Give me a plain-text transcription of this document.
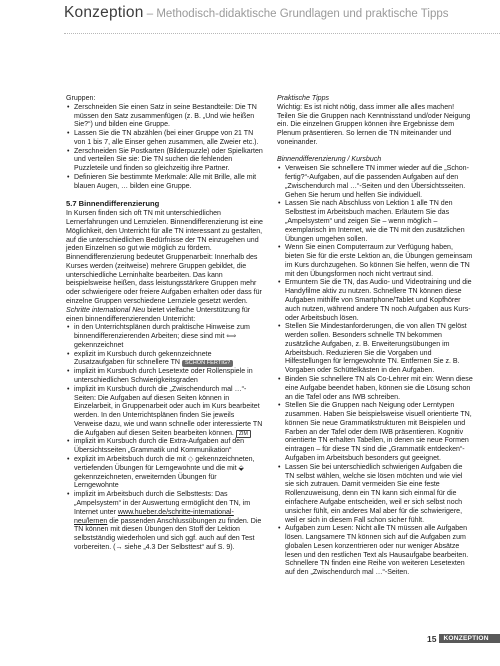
Konzeption – Methodisch-didaktische Grundlagen und praktische Tipps

Gruppen:

• Zerschneiden Sie einen Satz in seine Bestandteile: Die TN müssen den Satz zusammenfügen (z. B. „Und wie heißen Sie?“) und bilden eine Gruppe.
• Lassen Sie die TN abzählen (bei einer Gruppe von 21 TN von 1 bis 7, alle Einser gehen zusammen, alle Zweier etc.).
• Zerschneiden Sie Postkarten (Bilderpuzzle) oder Spielkarten und verteilen Sie sie: Die TN suchen die fehlenden Puzzleteile und finden so gleichzeitig ihre Partner.
• Definieren Sie bestimmte Merkmale: Alle mit Brille, alle mit blauen Augen, … bilden eine Gruppe.

5.7 Binnendifferenzierung

In Kursen finden sich oft TN mit unterschiedlichen Lernerfahrungen und Lernzielen. Binnendifferenzierung ist eine Möglichkeit, den Unterricht für alle TN interessant zu gestalten, auf die unterschiedlichen Bedürfnisse der TN einzugehen und jeden Einzelnen so gut wie möglich zu fördern. Binnendifferenzierung bedeutet Gruppenarbeit: Innerhalb des Kurses werden (zeitweise) mehrere Gruppen gebildet, die unterschiedliche Lerninhalte bearbeiten. Das kann beispielsweise heißen, dass leistungsstärkere Gruppen mehr oder schwierigere oder freiere Aufgaben erhalten oder dass für einzelne Gruppen verschiedene Lernziele gesetzt werden. Schritte international Neu bietet vielfache Unterstützung für einen binnendifferenzierenden Unterricht:

• in den Unterrichtsplänen durch praktische Hinweise zum binnendifferenzierenden Arbeiten; diese sind mit ⟺ gekennzeichnet
• explizit im Kursbuch durch gekennzeichnete Zusatzaufgaben für schnellere TN SCHON FERTIG?
• implizit im Kursbuch durch Lesetexte oder Rollenspiele in unterschiedlichen Schwierigkeitsgraden
• implizit im Kursbuch durch die „Zwischendurch mal …“-Seiten: Die Aufgaben auf diesen Seiten können in Einzelarbeit, in Gruppenarbeit oder auch im Kurs bearbeitet werden. In den Unterrichtsplänen finden Sie jeweils Verweise dazu, wie und wann schnelle oder interessierte TN die Aufgaben auf diesen Seiten bearbeiten können. ZIM
• implizit im Kursbuch durch die Extra-Aufgaben auf den Übersichtsseiten „Grammatik und Kommunikation“
• explizit im Arbeitsbuch durch die mit ◇ gekennzeichneten, vertiefenden Übungen für Lerngewohnte und die mit ⬙ gekennzeichneten, erweiternden Übungen für Lerngewohnte
• implizit im Arbeitsbuch durch die Selbsttests: Das „Ampelsystem“ in der Auswertung ermöglicht den TN, im Internet unter www.hueber.de/schritte-international-neu/lernen die passenden Anschlussübungen zu finden. Die TN können mit diesen Übungen den Stoff der Lektion selbstständig wiederholen und sich ggf. auch auf den Test vorbereiten. (→ siehe „4.3 Der Selbsttest“ auf S. 9).

Praktische Tipps

Wichtig: Es ist nicht nötig, dass immer alle alles machen! Teilen Sie die Gruppen nach Kenntnisstand und/oder Neigung ein. Die einzelnen Gruppen können ihre Ergebnisse dem Plenum präsentieren. So lernen die TN miteinander und voneinander.

Binnendifferenzierung / Kursbuch

• Verweisen Sie schnellere TN immer wieder auf die „Schon-fertig?“-Aufgaben, auf die passenden Aufgaben auf den „Zwischendurch mal …“-Seiten und den Übersichtsseiten. Gehen Sie herum und helfen Sie individuell.
• Lassen Sie nach Abschluss von Lektion 1 alle TN den Selbsttest im Arbeitsbuch machen. Erläutern Sie das „Ampelsystem“ und zeigen Sie – wenn möglich – exemplarisch im Internet, wie die TN mit den zusätzlichen Übungen umgehen sollen.
• Wenn Sie einen Computerraum zur Verfügung haben, bieten Sie für die erste Lektion an, die Übungen gemeinsam im Kurs durchzugehen. So können Sie helfen, wenn die TN mit den Übungsformen noch nicht vertraut sind.
• Ermuntern Sie die TN, das Audio- und Videotraining und die Handyfilme aktiv zu nutzen. Schnellere TN können diese Aufgaben mithilfe von Smartphone/Tablet und Kopfhörer auch nutzen, während andere TN noch Aufgaben aus Kurs- oder Arbeitsbuch lösen.
• Stellen Sie Mindestanforderungen, die von allen TN gelöst werden sollen. Besonders schnelle TN bekommen zusätzliche Aufgaben, z. B. Erweiterungsübungen im Arbeitsbuch. Reduzieren Sie die Vorgaben und Hilfestellungen für lerngewohnte TN. Entfernen Sie z. B. Vorgaben oder Schüttelkästen in den Aufgaben.
• Binden Sie schnellere TN als Co-Lehrer mit ein: Wenn diese eine Aufgabe beendet haben, können sie die Lösung schon an die Tafel oder ans IWB schreiben.
• Stellen Sie die Gruppen nach Neigung oder Lerntypen zusammen. Haben Sie beispielsweise visuell orientierte TN, können Sie neue Grammatikstrukturen mit Beispielen und Farben an der Tafel oder dem IWB präsentieren. Kognitiv orientierte TN erhalten Tabellen, in denen sie neue Formen eintragen – für diese TN sind die „Grammatik entdecken“-Aufgaben im Arbeitsbuch besonders gut geeignet.
• Lassen Sie bei unterschiedlich schwierigen Aufgaben die TN selbst wählen, welche sie lösen möchten und wie viel sie sich zutrauen. Damit vermeiden Sie eine feste Rollenzuweisung, denn ein TN kann sich einmal für die einfachere Aufgabe entscheiden, weil er sich selbst noch unsicher fühlt, ein anderes Mal aber für die schwierigere, weil er sich in diesem Fall schon sicher fühlt.
• Aufgaben zum Lesen: Nicht alle TN müssen alle Aufgaben lösen. Langsamere TN können sich auf die Aufgaben zum globalen Lesen konzentrieren oder nur weniger Absätze lesen und den restlichen Text als Hausaufgabe bearbeiten. Schnellere TN finden eine Reihe von weiteren Lesetexten auf den „Zwischendurch mal …“-Seiten.
15	KONZEPTION
